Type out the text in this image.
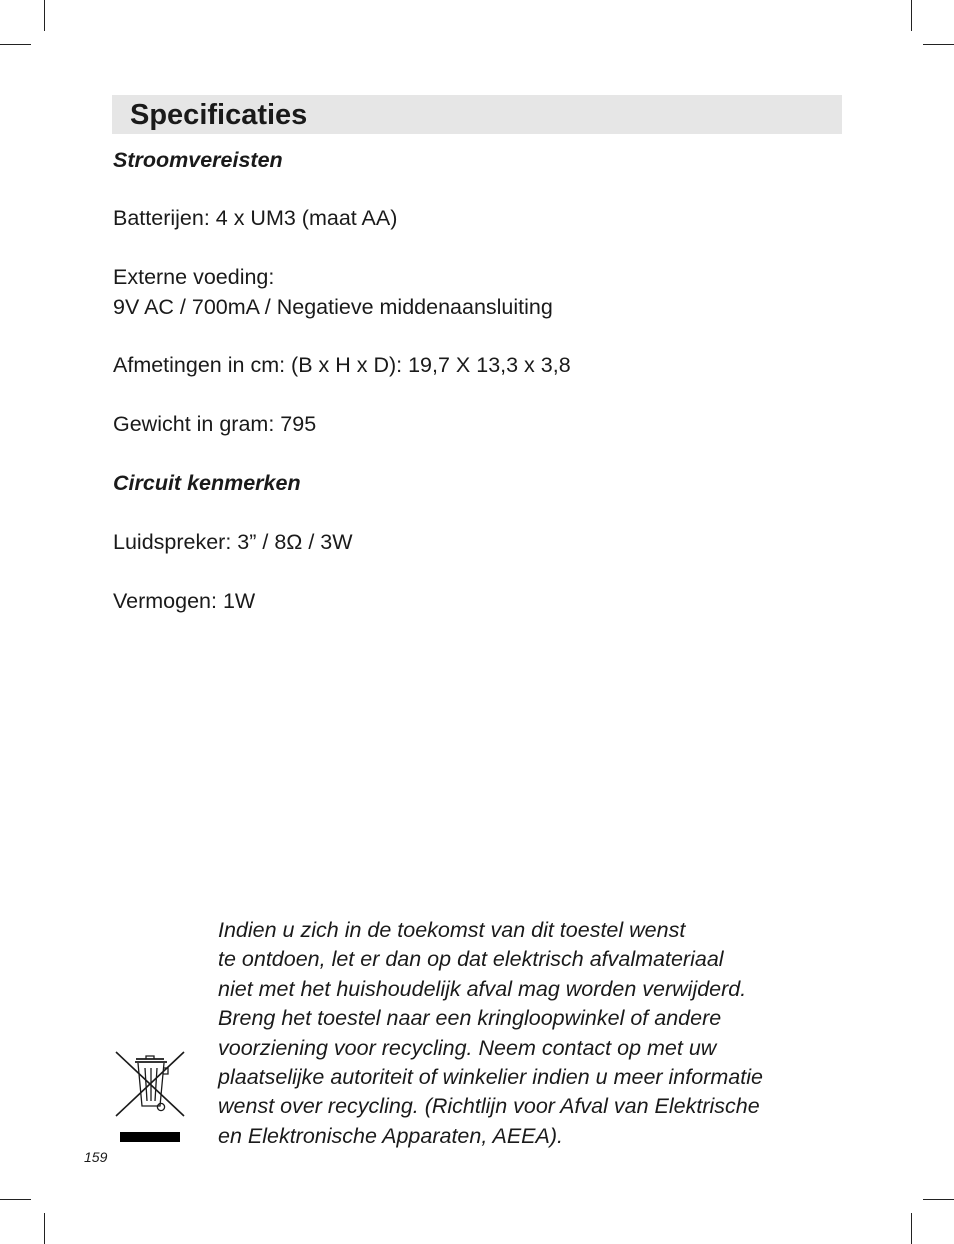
Specificaties
Stroomvereisten
Batterijen: 4 x UM3 (maat AA)
Externe voeding:
9V AC / 700mA / Negatieve middenaansluiting
Afmetingen in cm: (B x H x D): 19,7 X 13,3 x 3,8
Gewicht in gram: 795
Circuit kenmerken
Luidspreker: 3” / 8Ω / 3W
Vermogen: 1W
Indien u zich in de toekomst van dit toestel wenst
te ontdoen, let er dan op dat elektrisch afvalmateriaal
niet met het huishoudelijk afval mag worden verwijderd.
Breng het toestel naar een kringloopwinkel of andere
voorziening voor recycling. Neem contact op met uw
plaatselijke autoriteit of winkelier indien u meer informatie
wenst over recycling. (Richtlijn voor Afval van Elektrische
en Elektronische Apparaten, AEEA).
159
